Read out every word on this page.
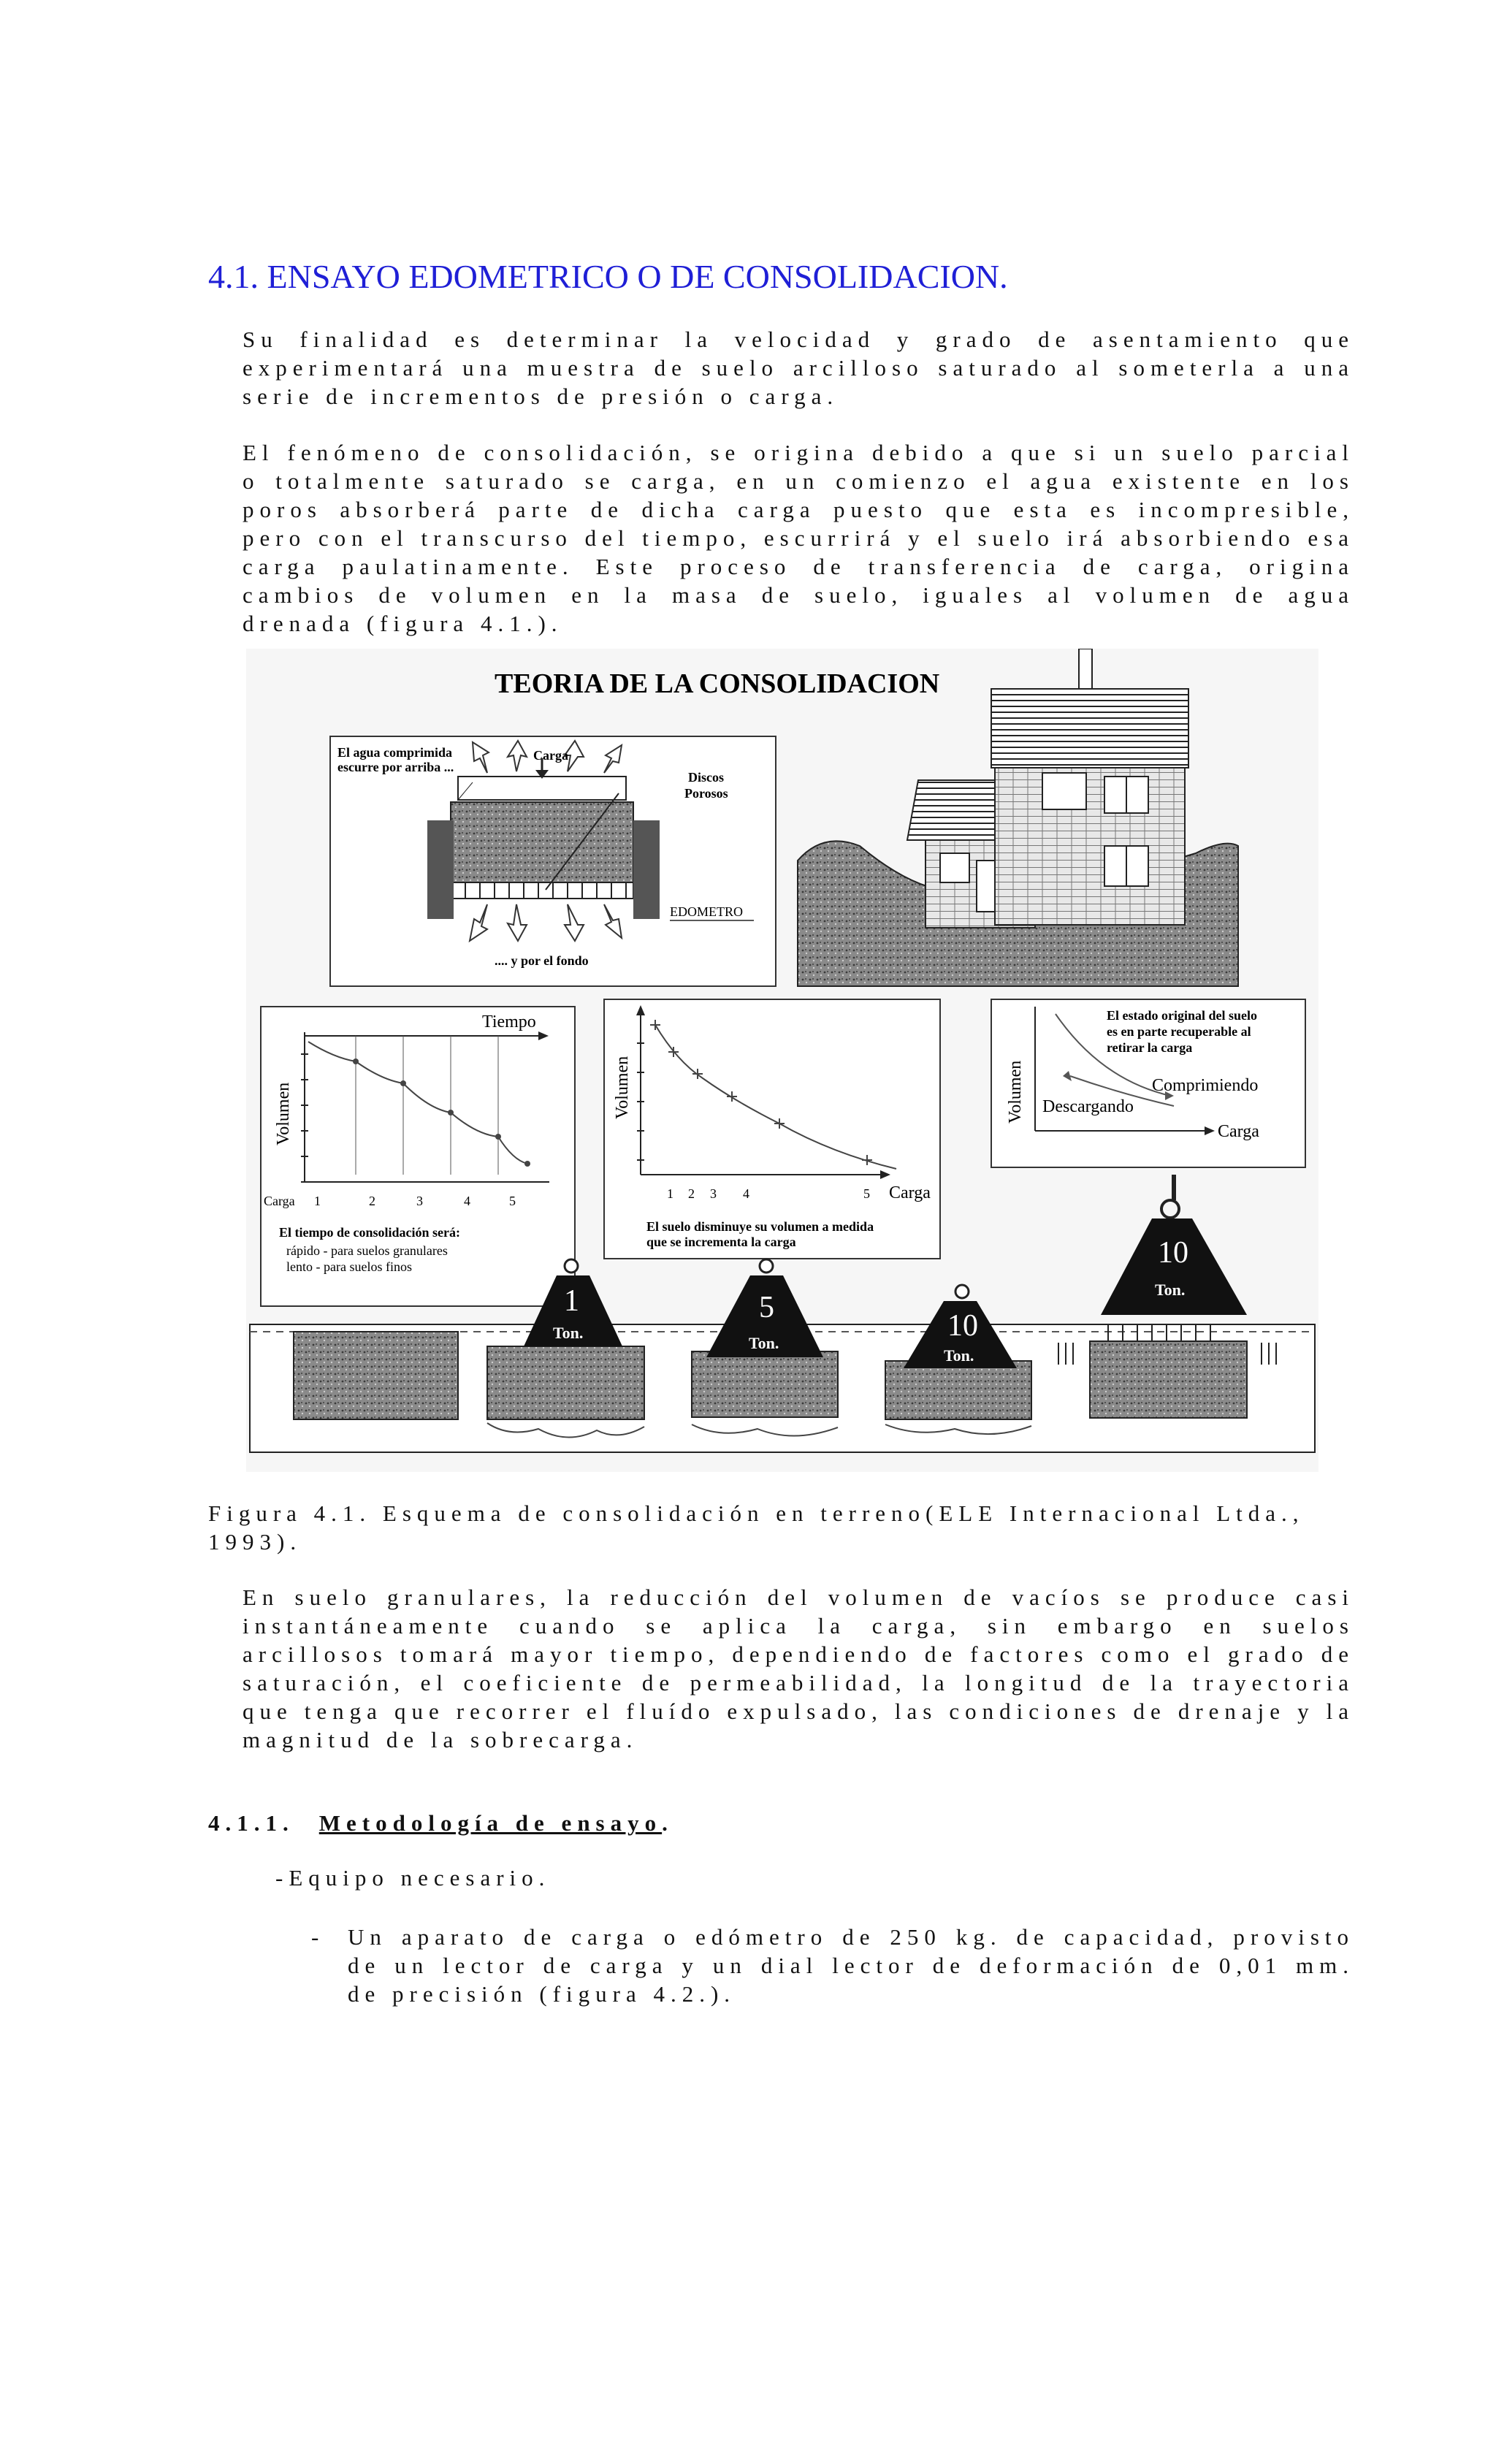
4.1. ENSAYO EDOMETRICO O DE CONSOLIDACION.

Su finalidad es determinar la velocidad y grado de asentamiento que experimentará una muestra de suelo arcilloso saturado al someterla a una serie de incrementos de presión o carga.

El fenómeno de consolidación, se origina debido a que si un suelo parcial o totalmente saturado se carga, en un comienzo el agua existente en los poros absorberá parte de dicha carga puesto que esta es incompresible, pero con el transcurso del tiempo, escurrirá y el suelo irá absorbiendo esa carga paulatinamente. Este proceso de transferencia de carga, origina cambios de volumen en la masa de suelo, iguales al volumen de agua drenada (figura 4.1.).

TEORIA DE LA CONSOLIDACION
El agua comprimida
escurre por arriba ...
Carga
Discos
Porosos
EDOMETRO
.... y por el fondo
Tiempo
Volumen
Carga 1	2	3	4	5
El tiempo de consolidación será:
rápido - para suelos granulares
lento - para suelos finos
Volumen
1 2 3 4	5 Carga
El suelo disminuye su volumen a medida
que se incrementa la carga
Volumen
El estado original del suelo
es en parte recuperable al
retirar la carga
Comprimiendo
Descargando
Carga
1
Ton.
5
Ton.
10
Ton.
10
Ton.

Figura 4.1. Esquema de consolidación en terreno(ELE Internacional Ltda., 1993).

En suelo granulares, la reducción del volumen de vacíos se produce casi instantáneamente cuando se aplica la carga, sin embargo en suelos arcillosos tomará mayor tiempo, dependiendo de factores como el grado de saturación, el coeficiente de permeabilidad, la longitud de la trayectoria que tenga que recorrer el fluído expulsado, las condiciones de drenaje y la magnitud de la sobrecarga.

4.1.1. Metodología de ensayo.

-Equipo necesario.

-	Un aparato de carga o edómetro de 250 kg. de capacidad, provisto de un lector de carga y un dial lector de deformación de 0,01 mm. de precisión (figura 4.2.).
